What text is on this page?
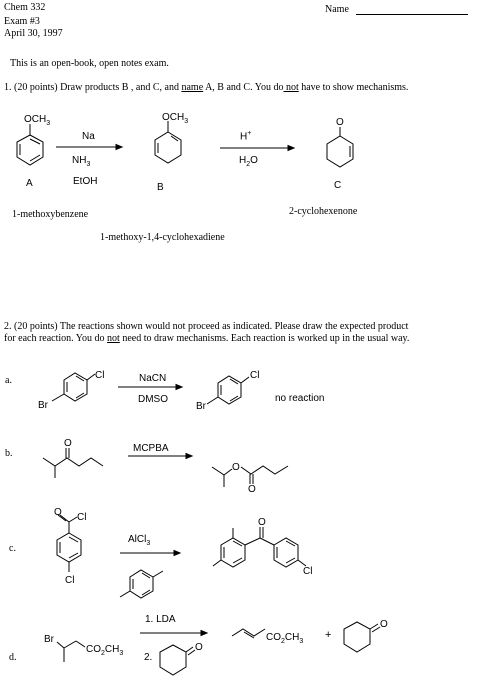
Chem 332
Exam #3
April 30, 1997
Name
This is an open-book, open notes exam.
1. (20 points) Draw products B , and C, and name A, B and C. You do not have to show mechanisms.
Na
$NH_3$
EtOH
H+
$H_2O$
A	B	C
1-methoxybenzene	2-cyclohexenone
1-methoxy-1,4-cyclohexadiene
2. (20 points) The reactions shown would not proceed as indicated. Please draw the expected product
for each reaction. You do not need to draw mechanisms. Each reaction is worked up in the usual way.
a.
b.
c.
d.
NaCN
DMSO	no reaction
MCPBA
AlCl$_3$
1. LDA
2.
+
$OCH_3$
$OCH_3$	O
Cl
Br
Cl
Br
O
O
O
O Cl
Cl
O
Cl
Br
$CO_2CH_3$
O
$CO_2CH_3$
O
